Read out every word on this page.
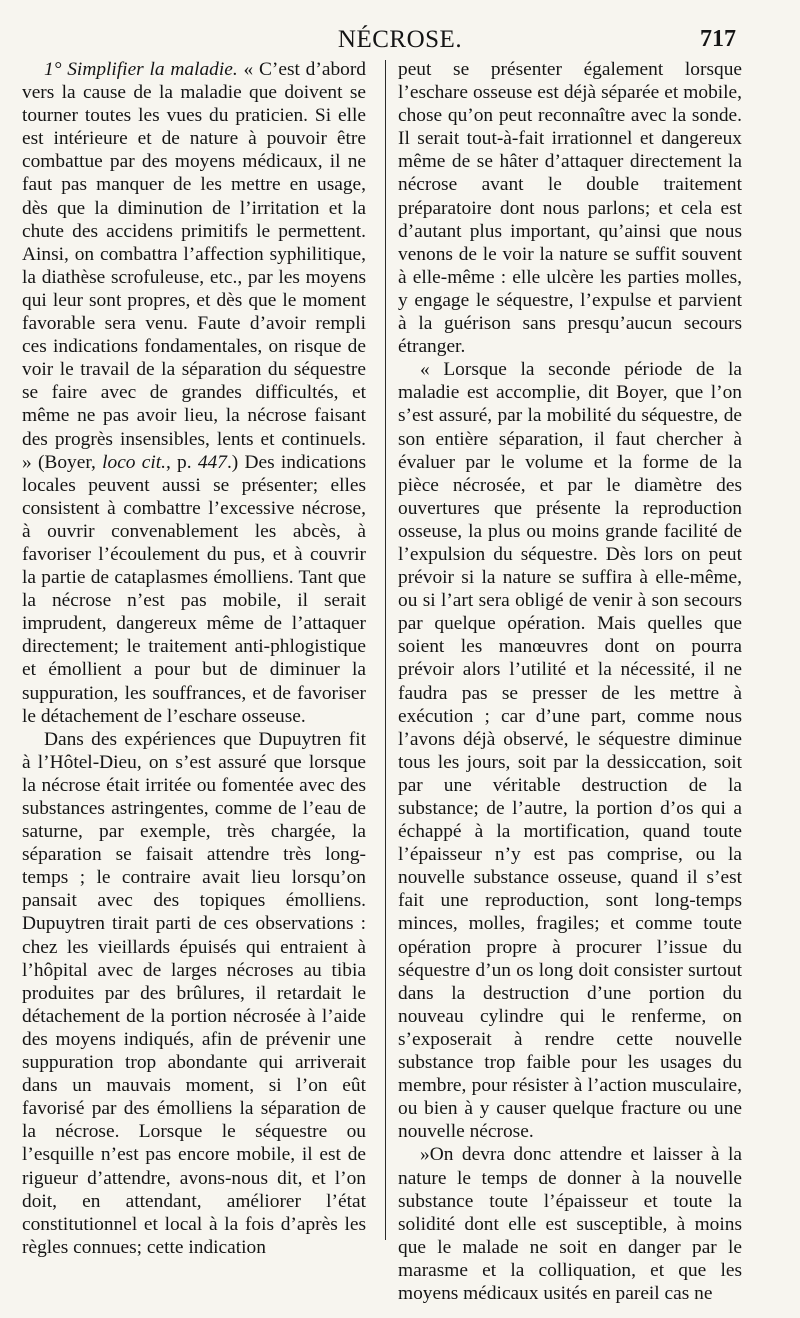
NÉCROSE.	717

1° Simplifier la maladie. « C’est d’abord vers la cause de la maladie que doivent se tourner toutes les vues du praticien. Si elle est intérieure et de nature à pouvoir être combattue par des moyens médicaux, il ne faut pas manquer de les mettre en usage, dès que la diminution de l’irritation et la chute des accidens primitifs le permettent. Ainsi, on combattra l’affection syphilitique, la diathèse scrofuleuse, etc., par les moyens qui leur sont propres, et dès que le moment favorable sera venu. Faute d’avoir rempli ces indications fondamentales, on risque de voir le travail de la séparation du séquestre se faire avec de grandes difficultés, et même ne pas avoir lieu, la nécrose faisant des progrès insensibles, lents et continuels. » (Boyer, loco cit., p. 447.) Des indications locales peuvent aussi se présenter; elles consistent à combattre l’excessive nécrose, à ouvrir convenablement les abcès, à favoriser l’écoulement du pus, et à couvrir la partie de cataplasmes émolliens. Tant que la nécrose n’est pas mobile, il serait imprudent, dangereux même de l’attaquer directement; le traitement anti-phlogistique et émollient a pour but de diminuer la suppuration, les souffrances, et de favoriser le détachement de l’eschare osseuse.

Dans des expériences que Dupuytren fit à l’Hôtel-Dieu, on s’est assuré que lorsque la nécrose était irritée ou fomentée avec des substances astringentes, comme de l’eau de saturne, par exemple, très chargée, la séparation se faisait attendre très long-temps ; le contraire avait lieu lorsqu’on pansait avec des topiques émolliens. Dupuytren tirait parti de ces observations : chez les vieillards épuisés qui entraient à l’hôpital avec de larges nécroses au tibia produites par des brûlures, il retardait le détachement de la portion nécrosée à l’aide des moyens indiqués, afin de prévenir une suppuration trop abondante qui arriverait dans un mauvais moment, si l’on eût favorisé par des émolliens la séparation de la nécrose. Lorsque le séquestre ou l’esquille n’est pas encore mobile, il est de rigueur d’attendre, avons-nous dit, et l’on doit, en attendant, améliorer l’état constitutionnel et local à la fois d’après les règles connues; cette indication

peut se présenter également lorsque l’eschare osseuse est déjà séparée et mobile, chose qu’on peut reconnaître avec la sonde. Il serait tout-à-fait irrationnel et dangereux même de se hâter d’attaquer directement la nécrose avant le double traitement préparatoire dont nous parlons; et cela est d’autant plus important, qu’ainsi que nous venons de le voir la nature se suffit souvent à elle-même : elle ulcère les parties molles, y engage le séquestre, l’expulse et parvient à la guérison sans presqu’aucun secours étranger.

« Lorsque la seconde période de la maladie est accomplie, dit Boyer, que l’on s’est assuré, par la mobilité du séquestre, de son entière séparation, il faut chercher à évaluer par le volume et la forme de la pièce nécrosée, et par le diamètre des ouvertures que présente la reproduction osseuse, la plus ou moins grande facilité de l’expulsion du séquestre. Dès lors on peut prévoir si la nature se suffira à elle-même, ou si l’art sera obligé de venir à son secours par quelque opération. Mais quelles que soient les manœuvres dont on pourra prévoir alors l’utilité et la nécessité, il ne faudra pas se presser de les mettre à exécution ; car d’une part, comme nous l’avons déjà observé, le séquestre diminue tous les jours, soit par la dessiccation, soit par une véritable destruction de la substance; de l’autre, la portion d’os qui a échappé à la mortification, quand toute l’épaisseur n’y est pas comprise, ou la nouvelle substance osseuse, quand il s’est fait une reproduction, sont long-temps minces, molles, fragiles; et comme toute opération propre à procurer l’issue du séquestre d’un os long doit consister surtout dans la destruction d’une portion du nouveau cylindre qui le renferme, on s’exposerait à rendre cette nouvelle substance trop faible pour les usages du membre, pour résister à l’action musculaire, ou bien à y causer quelque fracture ou une nouvelle nécrose.

»On devra donc attendre et laisser à la nature le temps de donner à la nouvelle substance toute l’épaisseur et toute la solidité dont elle est susceptible, à moins que le malade ne soit en danger par le marasme et la colliquation, et que les moyens médicaux usités en pareil cas ne
